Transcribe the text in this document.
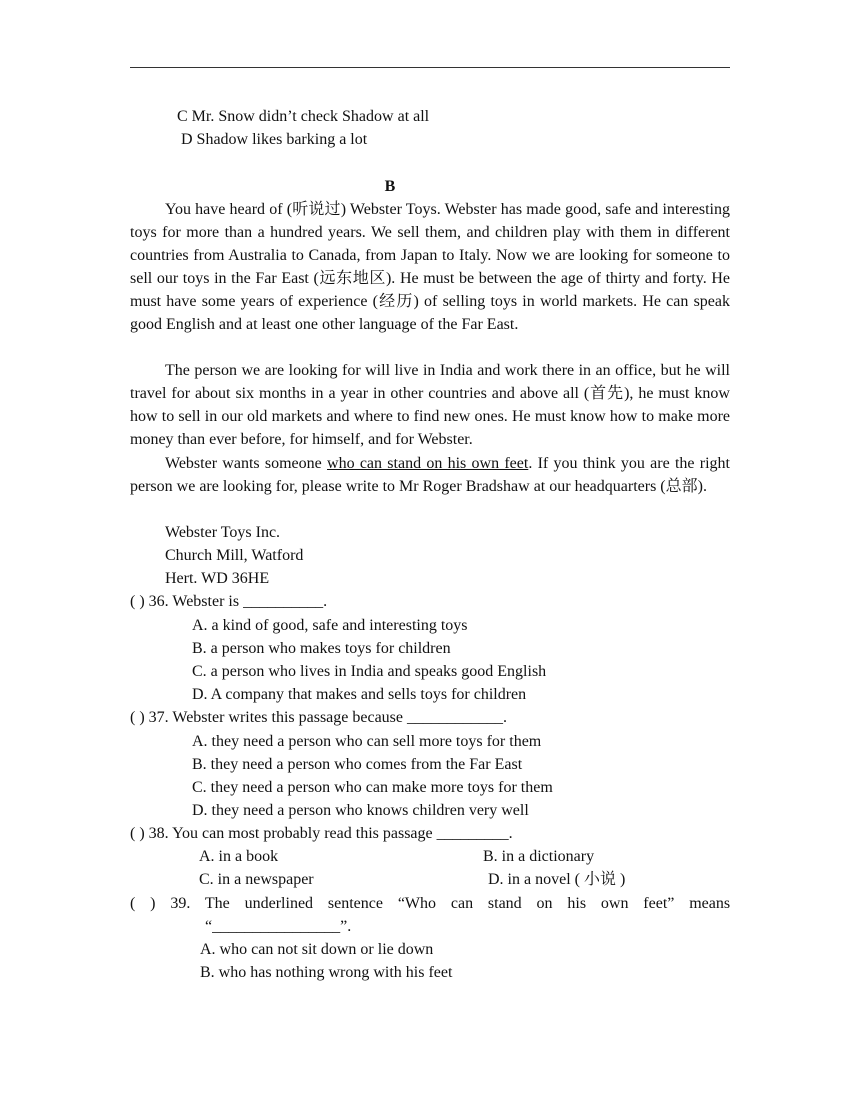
C Mr. Snow didn’t check Shadow at all
D Shadow likes barking a lot
B
You have heard of (听说过) Webster Toys. Webster has made good, safe and interesting toys for more than a hundred years. We sell them, and children play with them in different countries from Australia to Canada, from Japan to Italy. Now we are looking for someone to sell our toys in the Far East (远东地区). He must be between the age of thirty and forty. He must have some years of experience (经历) of selling toys in world markets. He can speak good English and at least one other language of the Far East.
The person we are looking for will live in India and work there in an office, but he will travel for about six months in a year in other countries and above all (首先), he must know how to sell in our old markets and where to find new ones. He must know how to make more money than ever before, for himself, and for Webster.
Webster wants someone who can stand on his own feet. If you think you are the right person we are looking for, please write to Mr Roger Bradshaw at our headquarters (总部).
Webster Toys Inc.
Church Mill, Watford
Hert. WD 36HE
( ) 36. Webster is __________.
A. a kind of good, safe and interesting toys
B. a person who makes toys for children
C. a person who lives in India and speaks good English
D. A company that makes and sells toys for children
( ) 37. Webster writes this passage because ____________.
A. they need a person who can sell more toys for them
B. they need a person who comes from the Far East
C. they need a person who can make more toys for them
D. they need a person who knows children very well
( ) 38. You can most probably read this passage _________.
A. in a book	B. in a dictionary
C. in a newspaper	D. in a novel ( 小说 )
( ) 39. The underlined sentence “Who can stand on his own feet” means
“________________”.
A. who can not sit down or lie down
B. who has nothing wrong with his feet
